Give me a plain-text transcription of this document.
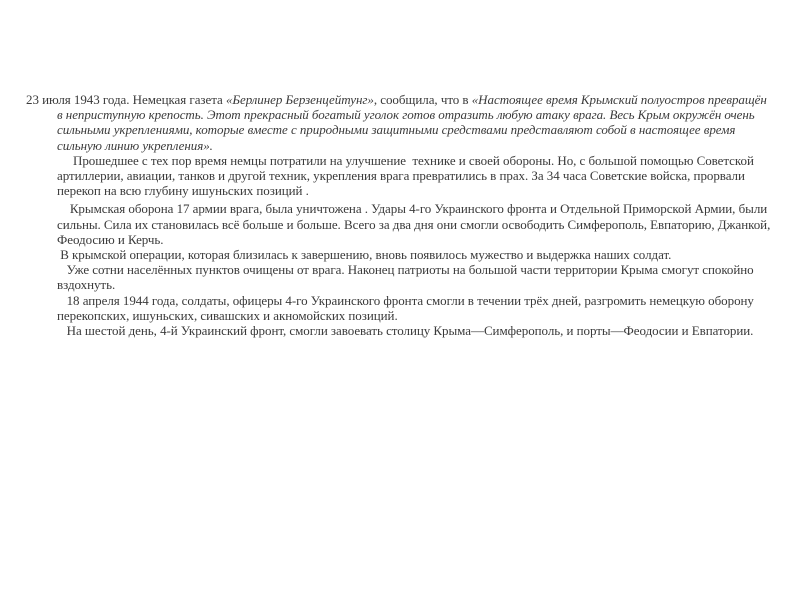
23 июля 1943 года. Немецкая газета «Берлинер Берзенцейтунг», сообщила, что в «Настоящее время Крымский полуостров превращён в неприступную крепость. Этот прекрасный богатый уголок готов отразить любую атаку врага. Весь Крым окружён очень сильными укреплениями, которые вместе с природными защитными средствами представляют собой в настоящее время сильную линию укрепления».

Прошедшее с тех пор время немцы потратили на улучшение  технике и своей обороны. Но, с большой помощью Советской артиллерии, авиации, танков и другой техник, укрепления врага превратились в прах. За 34 часа Советские войска, прорвали перекоп на всю глубину ишуньских позиций .

Крымская оборона 17 армии врага, была уничтожена . Удары 4-го Украинского фронта и Отдельной Приморской Армии, были сильны. Сила их становилась всё больше и больше. Всего за два дня они смогли освободить Симферополь, Евпаторию, Джанкой, Феодосию и Керчь.

В крымской операции, которая близилась к завершению, вновь появилось мужество и выдержка наших солдат.

Уже сотни населённых пунктов очищены от врага. Наконец патриоты на большой части территории Крыма смогут спокойно вздохнуть.

18 апреля 1944 года, солдаты, офицеры 4-го Украинского фронта смогли в течении трёх дней, разгромить немецкую оборону перекопских, ишуньских, сивашских и акномойских позиций.

На шестой день, 4-й Украинский фронт, смогли завоевать столицу Крыма—Симферополь, и порты—Феодосии и Евпатории.
